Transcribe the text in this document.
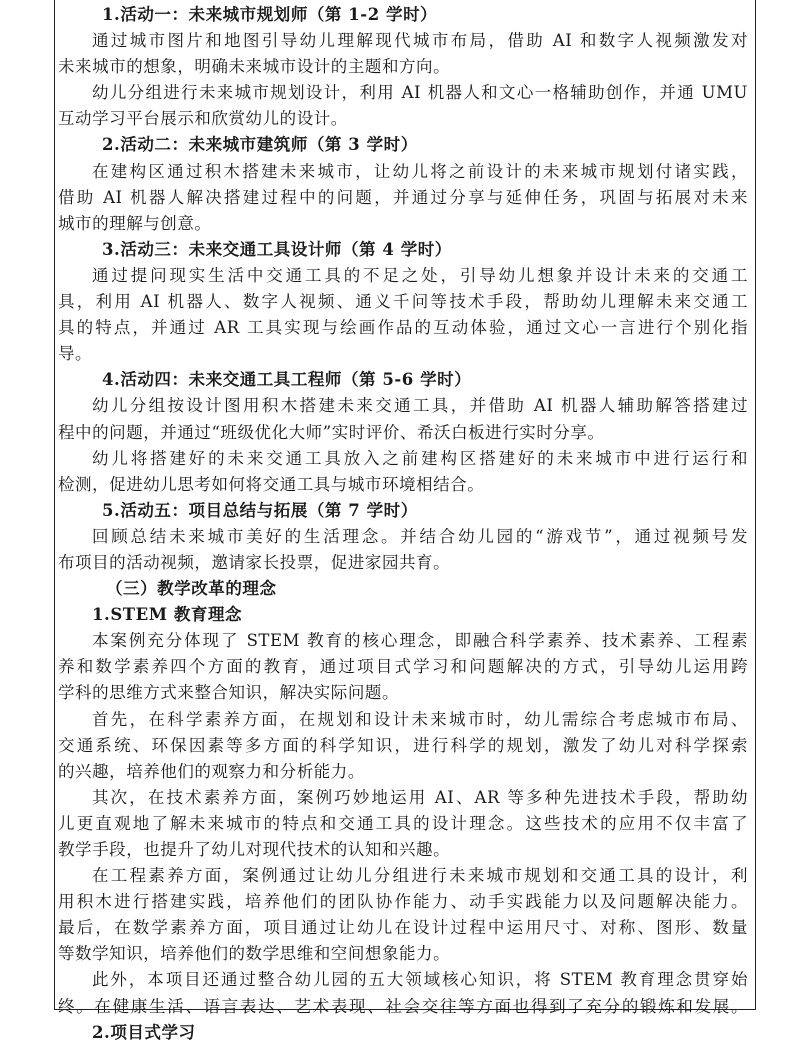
1.活动一：未来城市规划师（第 1-2 学时）
通过城市图片和地图引导幼儿理解现代城市布局，借助 AI 和数字人视频激发对
未来城市的想象，明确未来城市设计的主题和方向。
幼儿分组进行未来城市规划设计，利用 AI 机器人和文心一格辅助创作，并通 UMU
互动学习平台展示和欣赏幼儿的设计。
2.活动二：未来城市建筑师（第 3 学时）
在建构区通过积木搭建未来城市，让幼儿将之前设计的未来城市规划付诸实践，
借助 AI 机器人解决搭建过程中的问题，并通过分享与延伸任务，巩固与拓展对未来
城市的理解与创意。
3.活动三：未来交通工具设计师（第 4 学时）
通过提问现实生活中交通工具的不足之处，引导幼儿想象并设计未来的交通工
具，利用 AI 机器人、数字人视频、通义千问等技术手段，帮助幼儿理解未来交通工
具的特点，并通过 AR 工具实现与绘画作品的互动体验，通过文心一言进行个别化指
导。
4.活动四：未来交通工具工程师（第 5-6 学时）
幼儿分组按设计图用积木搭建未来交通工具，并借助 AI 机器人辅助解答搭建过
程中的问题，并通过“班级优化大师”实时评价、希沃白板进行实时分享。
幼儿将搭建好的未来交通工具放入之前建构区搭建好的未来城市中进行运行和
检测，促进幼儿思考如何将交通工具与城市环境相结合。
5.活动五：项目总结与拓展（第 7 学时）
回顾总结未来城市美好的生活理念。并结合幼儿园的“游戏节”，通过视频号发
布项目的活动视频，邀请家长投票，促进家园共育。
（三）教学改革的理念
1.STEM 教育理念
本案例充分体现了 STEM 教育的核心理念，即融合科学素养、技术素养、工程素
养和数学素养四个方面的教育，通过项目式学习和问题解决的方式，引导幼儿运用跨
学科的思维方式来整合知识，解决实际问题。
首先，在科学素养方面，在规划和设计未来城市时，幼儿需综合考虑城市布局、
交通系统、环保因素等多方面的科学知识，进行科学的规划，激发了幼儿对科学探索
的兴趣，培养他们的观察力和分析能力。
其次，在技术素养方面，案例巧妙地运用 AI、AR 等多种先进技术手段，帮助幼
儿更直观地了解未来城市的特点和交通工具的设计理念。这些技术的应用不仅丰富了
教学手段，也提升了幼儿对现代技术的认知和兴趣。
在工程素养方面，案例通过让幼儿分组进行未来城市规划和交通工具的设计，利
用积木进行搭建实践，培养他们的团队协作能力、动手实践能力以及问题解决能力。
最后，在数学素养方面，项目通过让幼儿在设计过程中运用尺寸、对称、图形、数量
等数学知识，培养他们的数学思维和空间想象能力。
此外，本项目还通过整合幼儿园的五大领域核心知识，将 STEM 教育理念贯穿始
终。在健康生活、语言表达、艺术表现、社会交往等方面也得到了充分的锻炼和发展。
2.项目式学习
